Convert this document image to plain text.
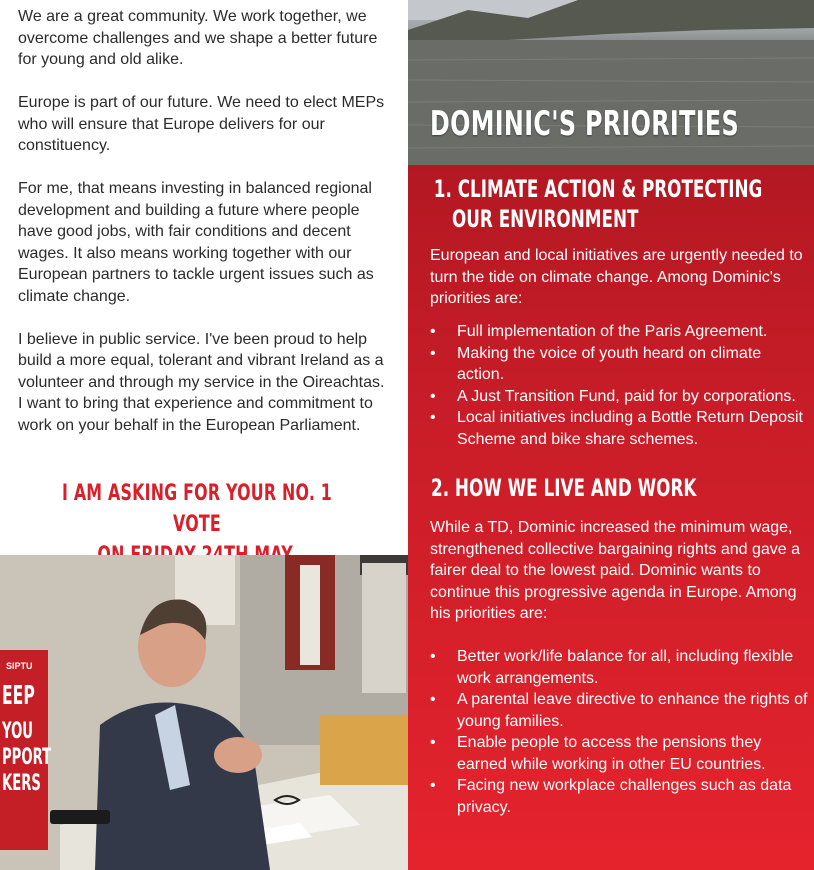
We are a great community. We work together, we overcome challenges and we shape a better future for young and old alike.

Europe is part of our future. We need to elect MEPs who will ensure that Europe delivers for our constituency.

For me, that means investing in balanced regional development and building a future where people have good jobs, with fair conditions and decent wages. It also means working together with our European partners to tackle urgent issues such as climate change.

I believe in public service. I've been proud to help build a more equal, tolerant and vibrant Ireland as a volunteer and through my service in the Oireachtas. I want to bring that experience and commitment to work on your behalf in the European Parliament.

I AM ASKING FOR YOUR NO. 1 VOTE
SIPTU
EEP
YOU
PPORT
KERS
DOMINIC'S PRIORITIES
1. CLIMATE ACTION & PROTECTING
OUR ENVIRONMENT

European and local initiatives are urgently needed to turn the tide on climate change. Among Dominic's priorities are:

• Full implementation of the Paris Agreement.
• Making the voice of youth heard on climate action.
• A Just Transition Fund, paid for by corporations.
• Local initiatives including a Bottle Return Deposit Scheme and bike share schemes.
2. HOW WE LIVE AND WORK

While a TD, Dominic increased the minimum wage, strengthened collective bargaining rights and gave a fairer deal to the lowest paid. Dominic wants to continue this progressive agenda in Europe. Among his priorities are:

• Better work/life balance for all, including flexible work arrangements.
• A parental leave directive to enhance the rights of young families.
• Enable people to access the pensions they earned while working in other EU countries.
• Facing new workplace challenges such as data privacy.
